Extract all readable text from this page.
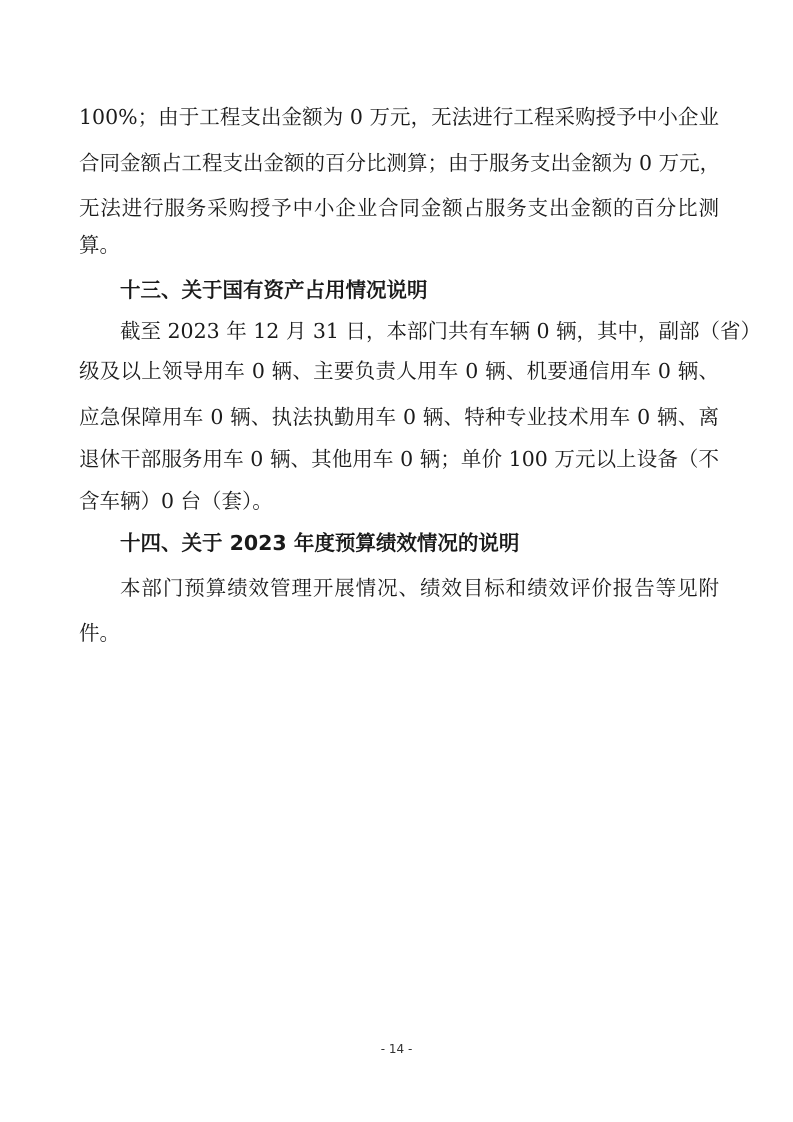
100%；由于工程支出金额为 0 万元，无法进行工程采购授予中小企业
合同金额占工程支出金额的百分比测算；由于服务支出金额为 0 万元，
无法进行服务采购授予中小企业合同金额占服务支出金额的百分比测
算。
十三、关于国有资产占用情况说明
截至 2023 年 12 月 31 日，本部门共有车辆 0 辆，其中，副部（省）
级及以上领导用车 0 辆、主要负责人用车 0 辆、机要通信用车 0 辆、
应急保障用车 0 辆、执法执勤用车 0 辆、特种专业技术用车 0 辆、离
退休干部服务用车 0 辆、其他用车 0 辆；单价 100 万元以上设备（不
含车辆）0 台（套）。
十四、关于 2023 年度预算绩效情况的说明
本部门预算绩效管理开展情况、绩效目标和绩效评价报告等见附
件。
- 14 -
